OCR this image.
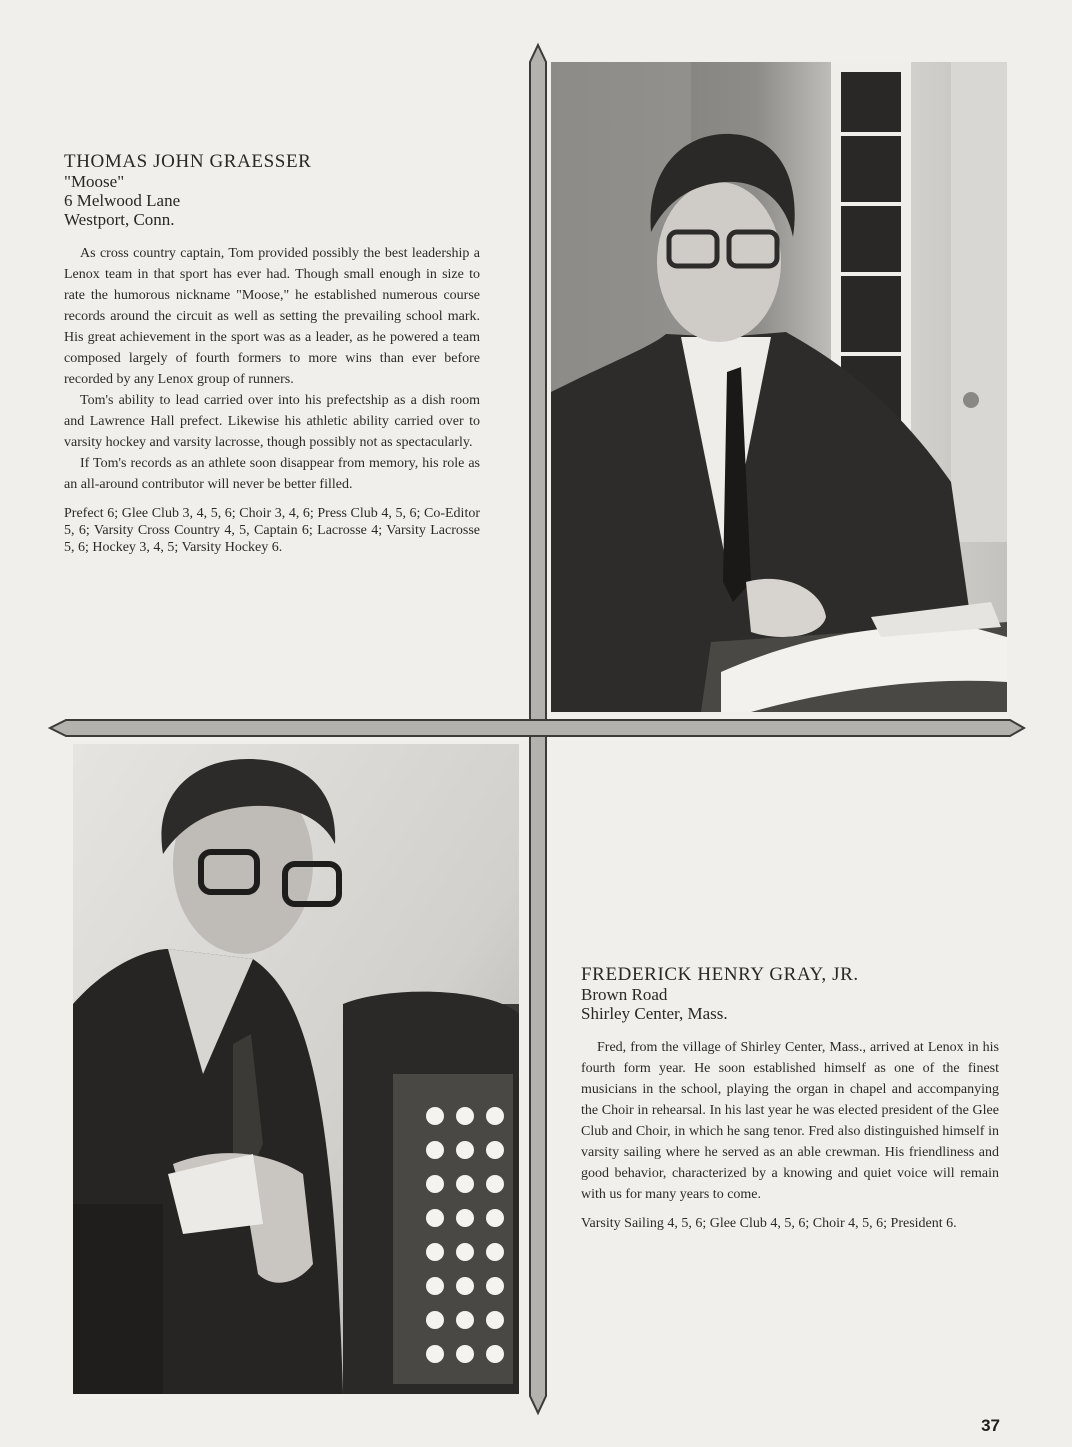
THOMAS JOHN GRAESSER
"Moose"
6 Melwood Lane
Westport, Conn.

As cross country captain, Tom provided possibly the best leadership a Lenox team in that sport has ever had. Though small enough in size to rate the humorous nickname "Moose," he established numerous course records around the circuit as well as setting the prevailing school mark. His great achievement in the sport was as a leader, as he powered a team composed largely of fourth formers to more wins than ever before recorded by any Lenox group of runners.

Tom's ability to lead carried over into his prefectship as a dish room and Lawrence Hall prefect. Likewise his athletic ability carried over to varsity hockey and varsity lacrosse, though possibly not as spectacularly.

If Tom's records as an athlete soon disappear from memory, his role as an all-around contributor will never be better filled.

Prefect 6; Glee Club 3, 4, 5, 6; Choir 3, 4, 6; Press Club 4, 5, 6; Co-Editor 5, 6; Varsity Cross Country 4, 5, Captain 6; Lacrosse 4; Varsity Lacrosse 5, 6; Hockey 3, 4, 5; Varsity Hockey 6.

FREDERICK HENRY GRAY, JR.
Brown Road
Shirley Center, Mass.

Fred, from the village of Shirley Center, Mass., arrived at Lenox in his fourth form year. He soon established himself as one of the finest musicians in the school, playing the organ in chapel and accompanying the Choir in rehearsal. In his last year he was elected president of the Glee Club and Choir, in which he sang tenor. Fred also distinguished himself in varsity sailing where he served as an able crewman. His friendliness and good behavior, characterized by a knowing and quiet voice will remain with us for many years to come.

Varsity Sailing 4, 5, 6; Glee Club 4, 5, 6; Choir 4, 5, 6; President 6.

37
